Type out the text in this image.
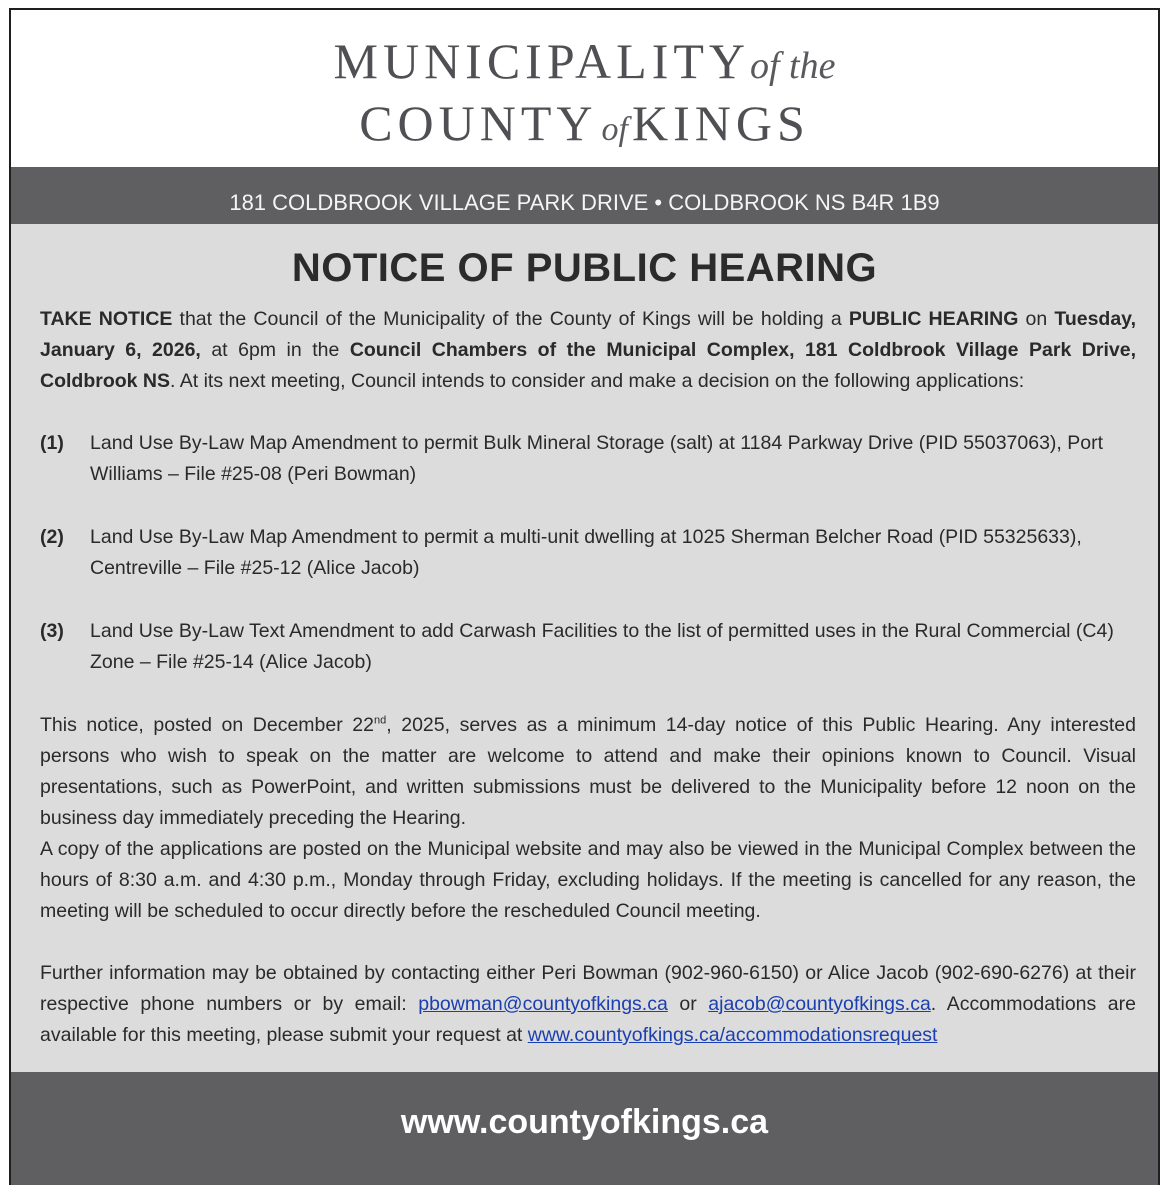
MUNICIPALITYof the
COUNTY ofKINGS
181 COLDBROOK VILLAGE PARK DRIVE • COLDBROOK NS B4R 1B9
NOTICE OF PUBLIC HEARING
TAKE NOTICE that the Council of the Municipality of the County of Kings will be holding a PUBLIC HEARING on Tuesday, January 6, 2026, at 6pm in the Council Chambers of the Municipal Complex, 181 Coldbrook Village Park Drive, Coldbrook NS. At its next meeting, Council intends to consider and make a decision on the following applications:
(1) Land Use By-Law Map Amendment to permit Bulk Mineral Storage (salt) at 1184 Parkway Drive (PID 55037063), Port Williams – File #25-08 (Peri Bowman)
(2) Land Use By-Law Map Amendment to permit a multi-unit dwelling at 1025 Sherman Belcher Road (PID 55325633), Centreville – File #25-12 (Alice Jacob)
(3) Land Use By-Law Text Amendment to add Carwash Facilities to the list of permitted uses in the Rural Commercial (C4) Zone – File #25-14 (Alice Jacob)
This notice, posted on December 22nd, 2025, serves as a minimum 14-day notice of this Public Hearing. Any interested persons who wish to speak on the matter are welcome to attend and make their opinions known to Council. Visual presentations, such as PowerPoint, and written submissions must be delivered to the Municipality before 12 noon on the business day immediately preceding the Hearing.
A copy of the applications are posted on the Municipal website and may also be viewed in the Municipal Complex between the hours of 8:30 a.m. and 4:30 p.m., Monday through Friday, excluding holidays. If the meeting is cancelled for any reason, the meeting will be scheduled to occur directly before the rescheduled Council meeting.
Further information may be obtained by contacting either Peri Bowman (902-960-6150) or Alice Jacob (902-690-6276) at their respective phone numbers or by email: pbowman@countyofkings.ca or ajacob@countyofkings.ca. Accommodations are available for this meeting, please submit your request at www.countyofkings.ca/accommodationsrequest
www.countyofkings.ca
